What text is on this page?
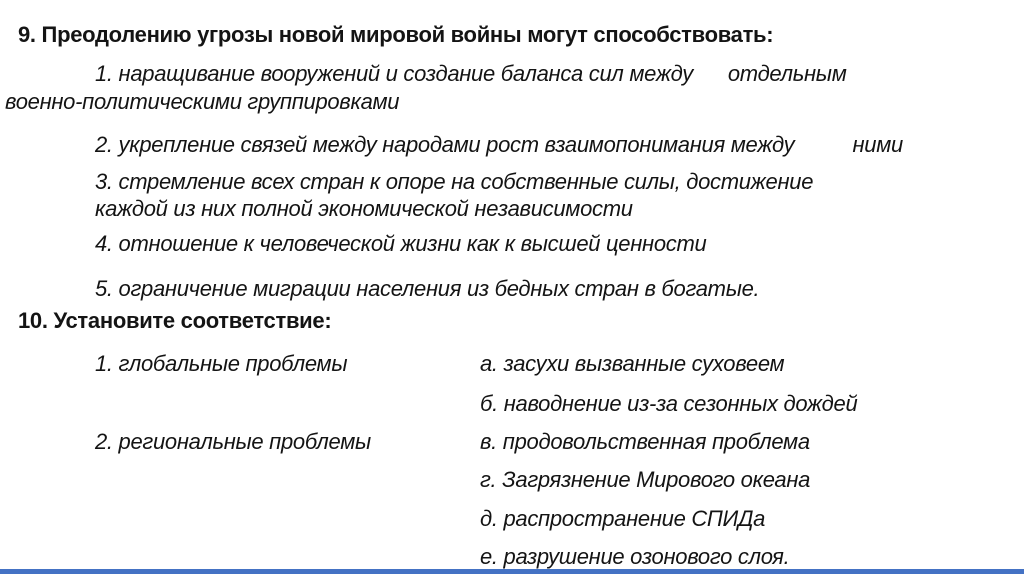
9. Преодолению угрозы новой мировой войны могут способствовать:
1. наращивание вооружений и создание баланса сил между      отдельным
военно-политическими группировками
2. укрепление связей между народами рост взаимопонимания между          ними
3. стремление всех стран к опоре на собственные силы, достижение
каждой из них полной экономической независимости
4. отношение к человеческой жизни как к высшей ценности
5. ограничение миграции населения из бедных стран в богатые.
10. Установите соответствие:
1. глобальные проблемы
2. региональные проблемы
а. засухи вызванные суховеем
б. наводнение из-за сезонных дождей
в. продовольственная проблема
г. Загрязнение Мирового океана
д. распространение СПИДа
е. разрушение озонового слоя.
